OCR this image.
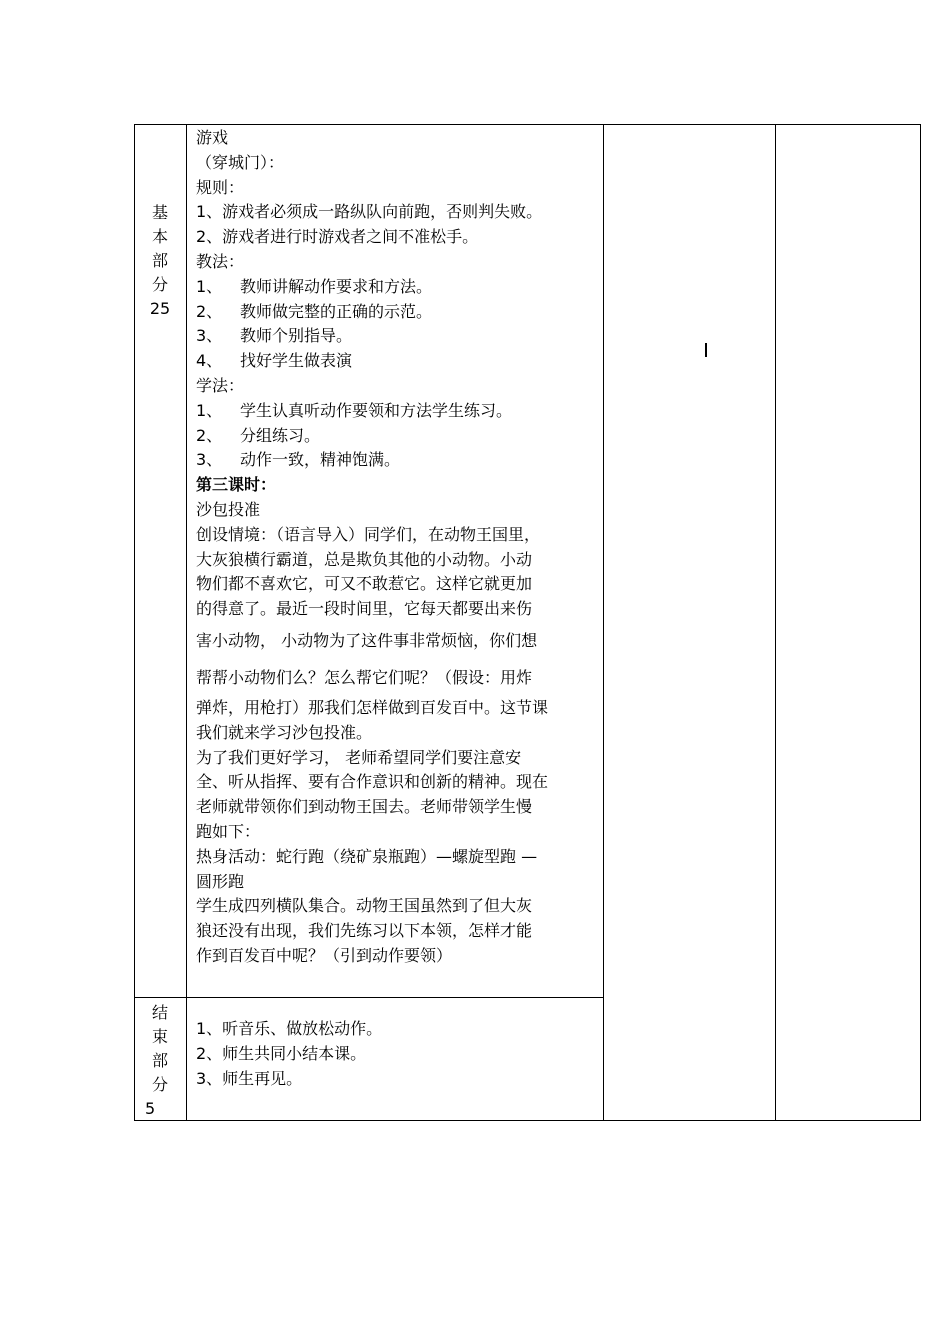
基
本
部
分
25

游戏

（穿城门）：

规则：

1、游戏者必须成一路纵队向前跑，否则判失败。

2、游戏者进行时游戏者之间不准松手。

教法：

1、 教师讲解动作要求和方法。

2、 教师做完整的正确的示范。

3、 教师个别指导。

4、 找好学生做表演

学法：

1、 学生认真听动作要领和方法学生练习。

2、 分组练习。

3、 动作一致，精神饱满。

第三课时：

沙包投准

创设情境：（语言导入）同学们，在动物王国里，

大灰狼横行霸道，总是欺负其他的小动物。小动

物们都不喜欢它，可又不敢惹它。这样它就更加

的得意了。最近一段时间里，它每天都要出来伤

害小动物， 小动物为了这件事非常烦恼，你们想

帮帮小动物们么？怎么帮它们呢？（假设：用炸

弹炸，用枪打）那我们怎样做到百发百中。这节课

我们就来学习沙包投准。

为了我们更好学习， 老师希望同学们要注意安

全、听从指挥、要有合作意识和创新的精神。现在

老师就带领你们到动物王国去。老师带领学生慢

跑如下：

热身活动：蛇行跑（绕矿泉瓶跑）—螺旋型跑 —

圆形跑

学生成四列横队集合。动物王国虽然到了但大灰

狼还没有出现，我们先练习以下本领，怎样才能

作到百发百中呢？（引到动作要领）

结
束
部
分
5

1、听音乐、做放松动作。

2、师生共同小结本课。

3、师生再见。
